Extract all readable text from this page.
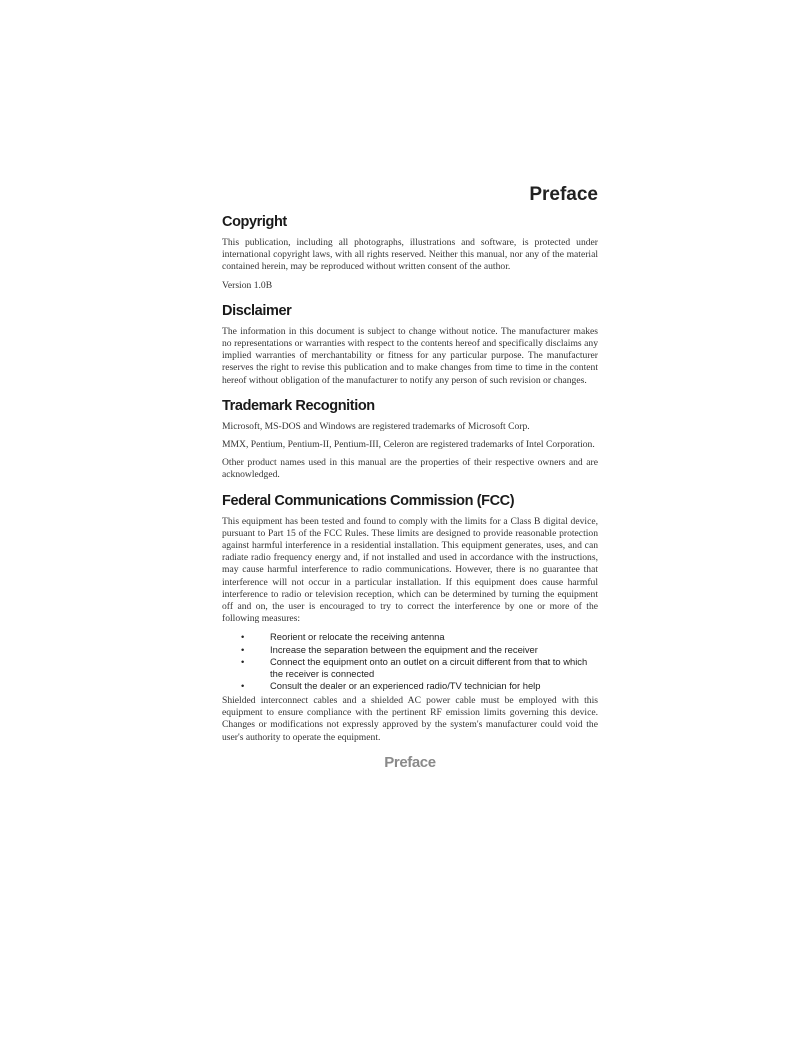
Preface
Copyright

This publication, including all photographs, illustrations and software, is protected under international copyright laws, with all rights reserved. Neither this manual, nor any of the material contained herein, may be reproduced without written consent of the author.

Version 1.0B

Disclaimer

The information in this document is subject to change without notice. The manufacturer makes no representations or warranties with respect to the contents hereof and specifically disclaims any implied warranties of merchantability or fitness for any particular purpose. The manufacturer reserves the right to revise this publication and to make changes from time to time in the content hereof without obligation of the manufacturer to notify any person of such revision or changes.

Trademark Recognition

Microsoft, MS-DOS and Windows are registered trademarks of Microsoft Corp.

MMX, Pentium, Pentium-II, Pentium-III, Celeron are registered trademarks of Intel Corporation.

Other product names used in this manual are the properties of their respective owners and are acknowledged.

Federal Communications Commission (FCC)

This equipment has been tested and found to comply with the limits for a Class B digital device, pursuant to Part 15 of the FCC Rules. These limits are designed to provide reasonable protection against harmful interference in a residential installation. This equipment generates, uses, and can radiate radio frequency energy and, if not installed and used in accordance with the instructions, may cause harmful interference to radio communications. However, there is no guarantee that interference will not occur in a particular installation. If this equipment does cause harmful interference to radio or television reception, which can be determined by turning the equipment off and on, the user is encouraged to try to correct the interference by one or more of the following measures:

•	Reorient or relocate the receiving antenna
•	Increase the separation between the equipment and the receiver
•	Connect the equipment onto an outlet on a circuit different from that to which the receiver is connected
•	Consult the dealer or an experienced radio/TV technician for help

Shielded interconnect cables and a shielded AC power cable must be employed with this equipment to ensure compliance with the pertinent RF emission limits governing this device. Changes or modifications not expressly approved by the system's manufacturer could void the user's authority to operate the equipment.

Preface
